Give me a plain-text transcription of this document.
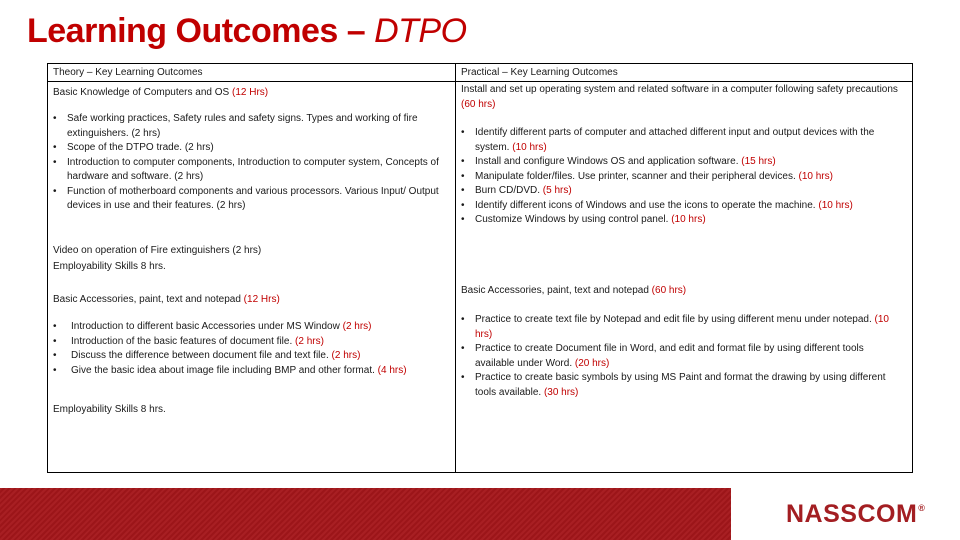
Learning Outcomes – DTPO
Theory – Key Learning Outcomes
Basic Knowledge of Computers and OS (12 Hrs)
• Safe working practices, Safety rules and safety signs. Types and working of fire extinguishers. (2 hrs)
• Scope of the DTPO trade. (2 hrs)
• Introduction to computer components, Introduction to computer system, Concepts of hardware and software. (2 hrs)
• Function of motherboard components and various processors. Various Input/ Output devices in use and their features. (2 hrs)
Video on operation of Fire extinguishers (2 hrs)
Employability Skills 8 hrs.
Basic Accessories, paint, text and notepad (12 Hrs)
• Introduction to different basic Accessories under MS Window (2 hrs)
• Introduction of the basic features of document file. (2 hrs)
• Discuss the difference between document file and text file. (2 hrs)
• Give the basic idea about image file including BMP and other format. (4 hrs)
Employability Skills 8 hrs.
Practical – Key Learning Outcomes
Install and set up operating system and related software in a computer following safety precautions (60 hrs)
• Identify different parts of computer and attached different input and output devices with the system. (10 hrs)
• Install and configure Windows OS and application software. (15 hrs)
• Manipulate folder/files. Use printer, scanner and their peripheral devices. (10 hrs)
• Burn CD/DVD. (5 hrs)
• Identify different icons of Windows and use the icons to operate the machine. (10 hrs)
• Customize Windows by using control panel. (10 hrs)
Basic Accessories, paint, text and notepad (60 hrs)
• Practice to create text file by Notepad and edit file by using different menu under notepad. (10 hrs)
• Practice to create Document file in Word, and edit and format file by using different tools available under Word. (20 hrs)
• Practice to create basic symbols by using MS Paint and format the drawing by using different tools available. (30 hrs)
NASSCOM®
